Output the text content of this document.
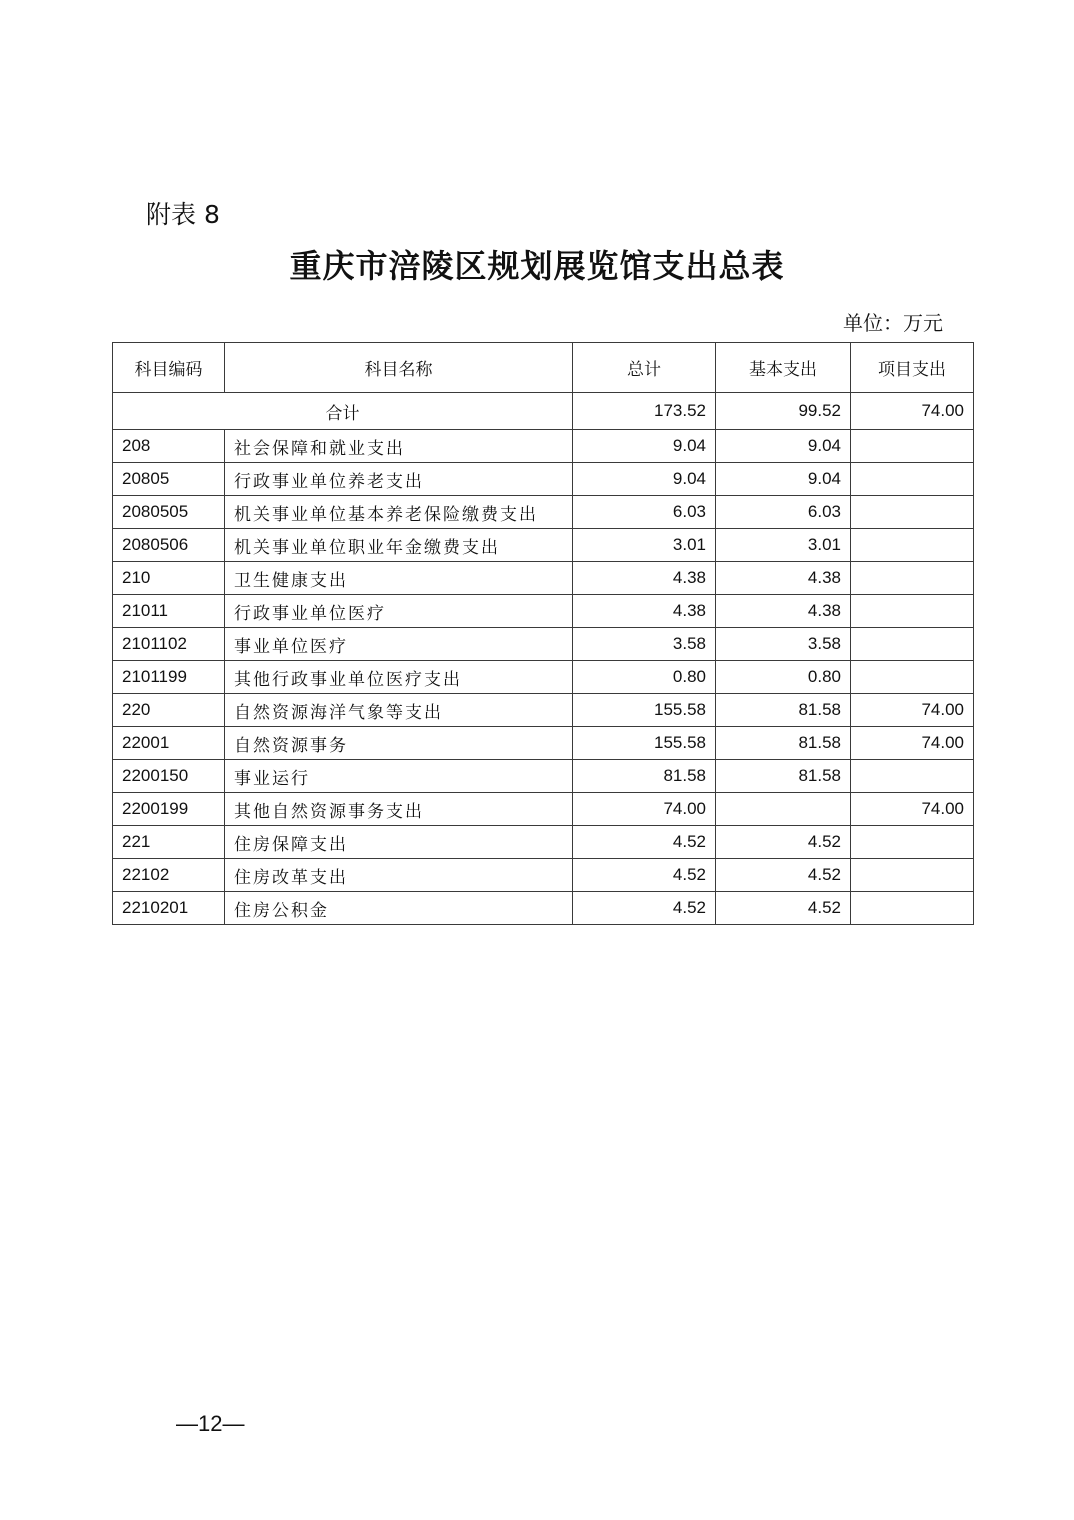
附表 8
重庆市涪陵区规划展览馆支出总表
单位：万元
科目编码	科目名称	总计	基本支出	项目支出
合计		173.52	99.52	74.00
208	社会保障和就业支出	9.04	9.04	
20805	行政事业单位养老支出	9.04	9.04	
2080505	机关事业单位基本养老保险缴费支出	6.03	6.03	
2080506	机关事业单位职业年金缴费支出	3.01	3.01	
210	卫生健康支出	4.38	4.38	
21011	行政事业单位医疗	4.38	4.38	
2101102	事业单位医疗	3.58	3.58	
2101199	其他行政事业单位医疗支出	0.80	0.80	
220	自然资源海洋气象等支出	155.58	81.58	74.00
22001	自然资源事务	155.58	81.58	74.00
2200150	事业运行	81.58	81.58	
2200199	其他自然资源事务支出	74.00		74.00
221	住房保障支出	4.52	4.52	
22102	住房改革支出	4.52	4.52	
2210201	住房公积金	4.52	4.52	
—12—
